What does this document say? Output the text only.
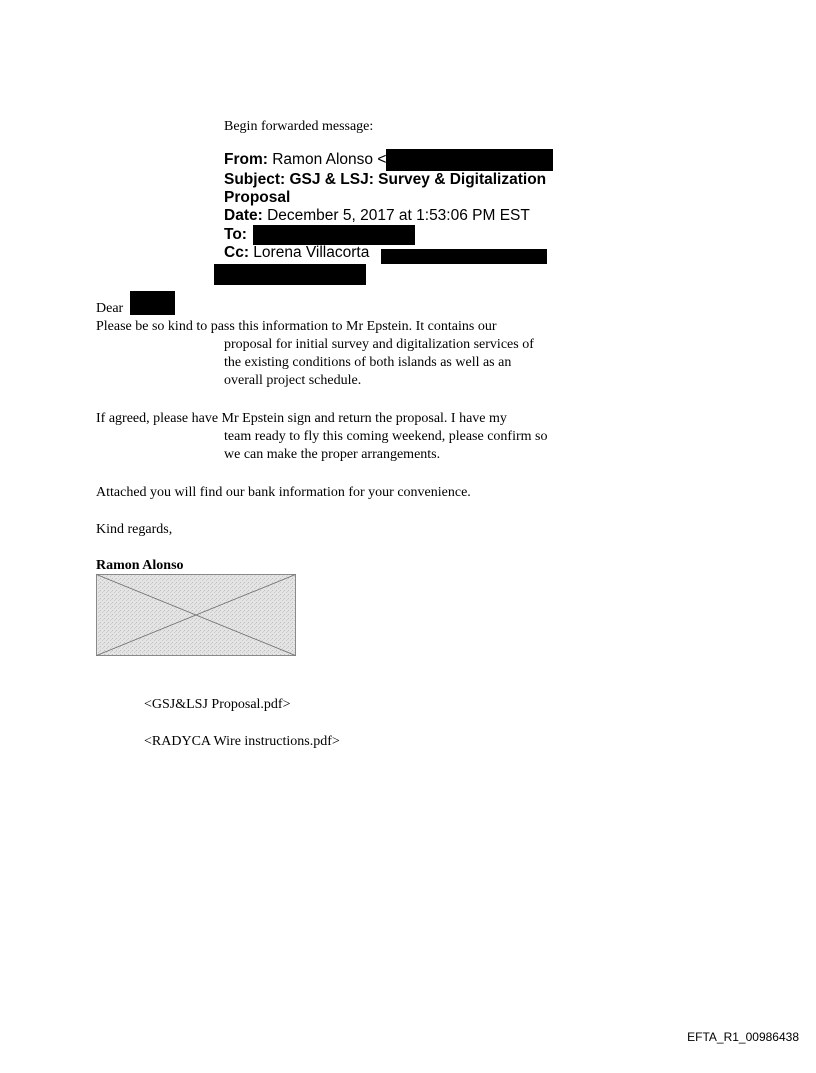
Begin forwarded message:
From: Ramon Alonso <
Subject: GSJ & LSJ: Survey & Digitalization
Proposal
Date: December 5, 2017 at 1:53:06 PM EST
To:
Cc: Lorena Villacorta
Dear
Please be so kind to pass this information to Mr Epstein. It contains our
proposal for initial survey and digitalization services of
the existing conditions of both islands as well as an
overall project schedule.
If agreed, please have Mr Epstein sign and return the proposal. I have my
team ready to fly this coming weekend, please confirm so
we can make the proper arrangements.
Attached you will find our bank information for your convenience.
Kind regards,
Ramon Alonso
<GSJ&LSJ Proposal.pdf>
<RADYCA Wire instructions.pdf>
EFTA_R1_00986438
